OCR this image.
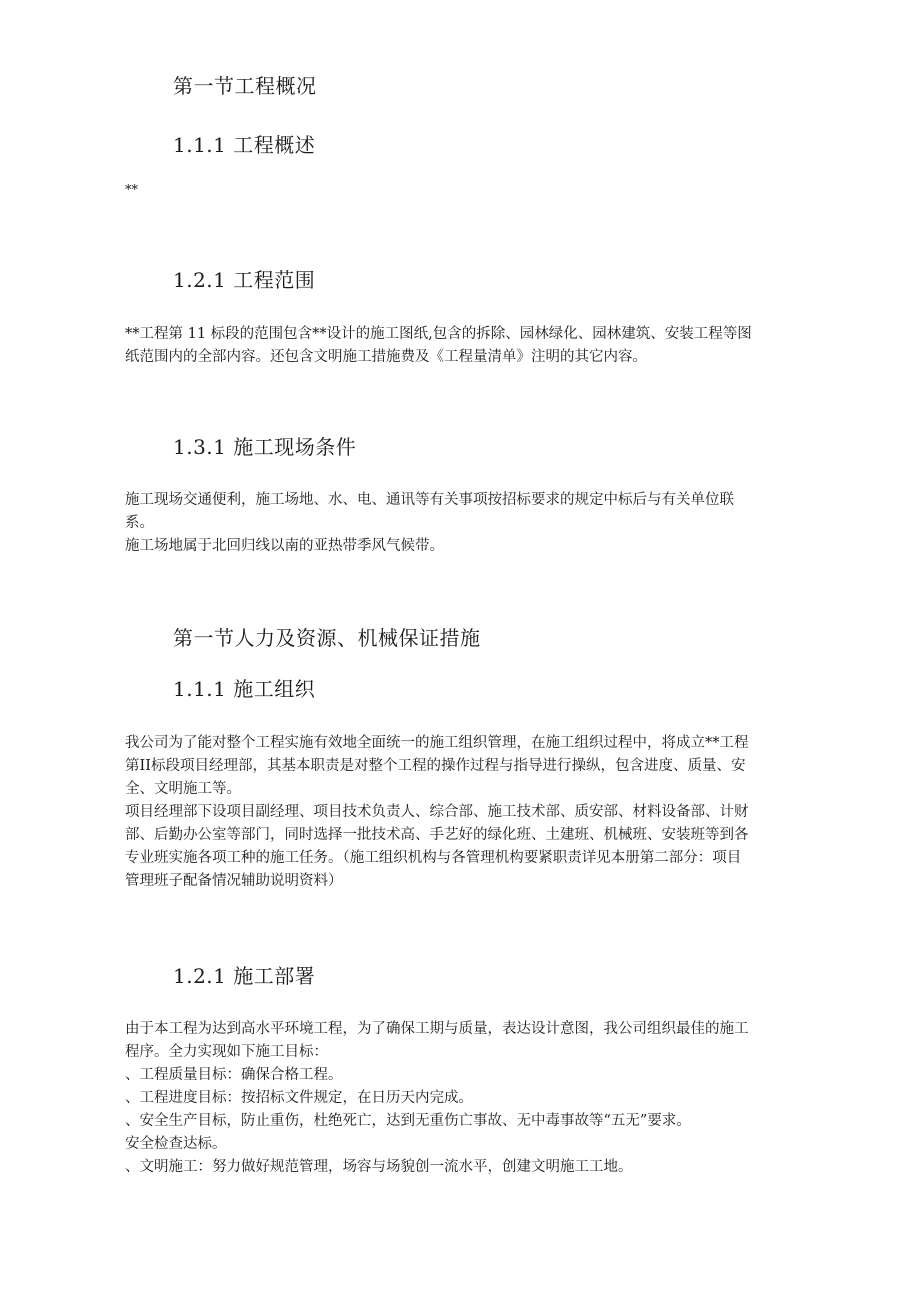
第一节工程概况
1.1.1 工程概述
**
1.2.1 工程范围
**工程第 11 标段的范围包含**设计的施工图纸,包含的拆除、园林绿化、园林建筑、安装工程等图
纸范围内的全部内容。还包含文明施工措施费及《工程量清单》注明的其它内容。
1.3.1 施工现场条件
施工现场交通便利，施工场地、水、电、通讯等有关事项按招标要求的规定中标后与有关单位联
系。
施工场地属于北回归线以南的亚热带季风气候带。
第一节人力及资源、机械保证措施
1.1.1 施工组织
我公司为了能对整个工程实施有效地全面统一的施工组织管理，在施工组织过程中，将成立**工程
第II标段项目经理部，其基本职责是对整个工程的操作过程与指导进行操纵，包含进度、质量、安
全、文明施工等。
项目经理部下设项目副经理、项目技术负责人、综合部、施工技术部、质安部、材料设备部、计财
部、后勤办公室等部门，同时选择一批技术高、手艺好的绿化班、土建班、机械班、安装班等到各
专业班实施各项工种的施工任务。（施工组织机构与各管理机构要紧职责详见本册第二部分：项目
管理班子配备情况辅助说明资料）
1.2.1 施工部署
由于本工程为达到高水平环境工程，为了确保工期与质量，表达设计意图，我公司组织最佳的施工
程序。全力实现如下施工目标：
、工程质量目标：确保合格工程。
、工程进度目标：按招标文件规定，在日历天内完成。
、安全生产目标，防止重伤，杜绝死亡，达到无重伤亡事故、无中毒事故等“五无”要求。
安全检查达标。
、文明施工：努力做好规范管理，场容与场貌创一流水平，创建文明施工工地。
